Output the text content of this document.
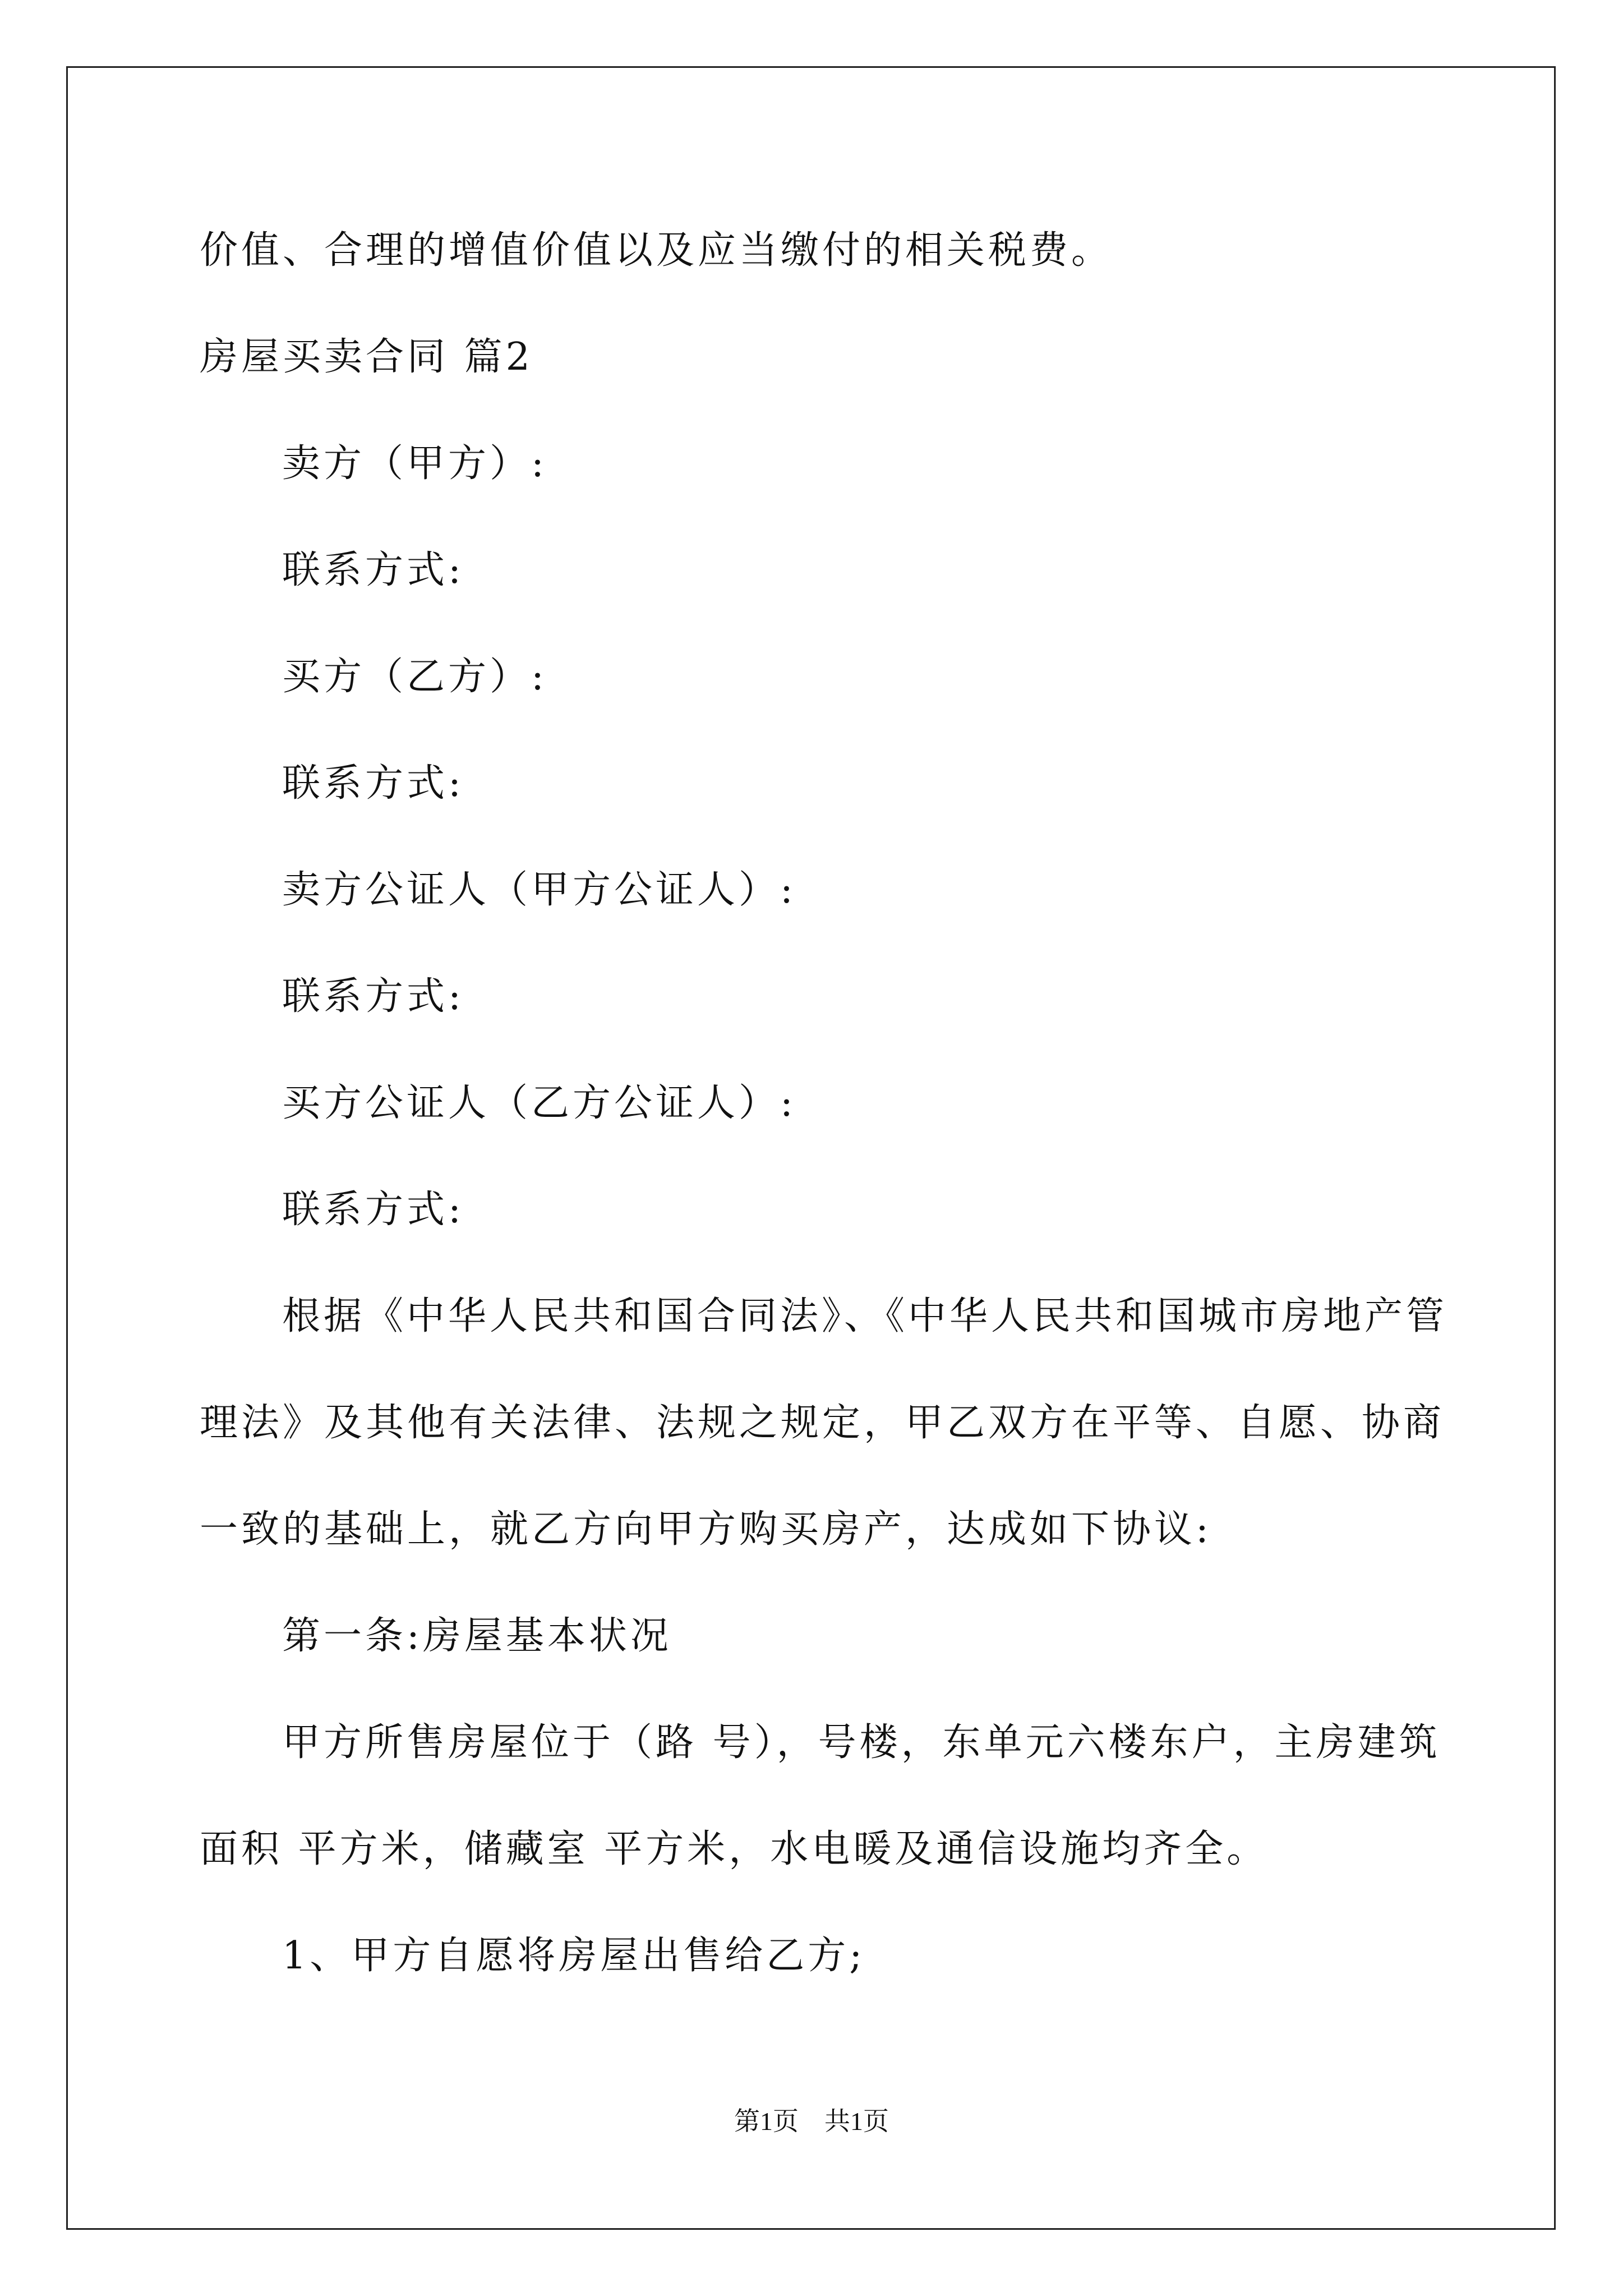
价值、合理的增值价值以及应当缴付的相关税费。
房屋买卖合同 篇2
卖方（甲方）:
联系方式:
买方（乙方）:
联系方式:
卖方公证人（甲方公证人）:
联系方式:
买方公证人（乙方公证人）:
联系方式:
根据《中华人民共和国合同法》、《中华人民共和国城市房地产管
理法》及其他有关法律、法规之规定，甲乙双方在平等、自愿、协商
一致的基础上，就乙方向甲方购买房产，达成如下协议:
第一条:房屋基本状况
甲方所售房屋位于（路 号），号楼，东单元六楼东户，主房建筑
面积 平方米，储藏室 平方米，水电暖及通信设施均齐全。
1、甲方自愿将房屋出售给乙方;
第1页　共1页
